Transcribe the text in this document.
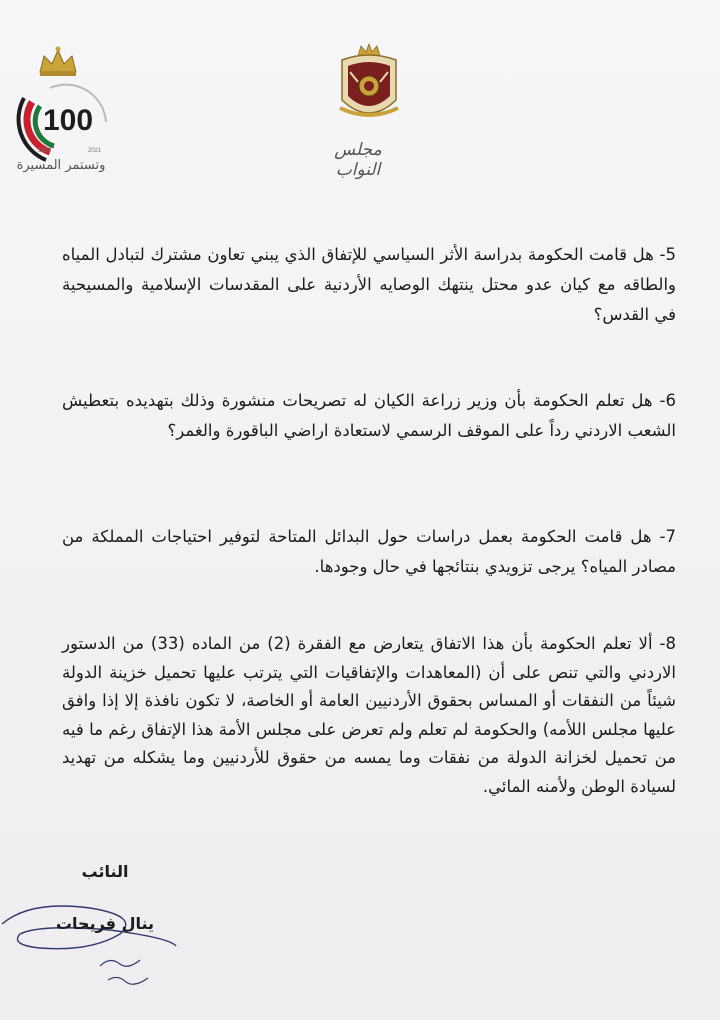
100
1921	2021
وتستمر المسيرة
مجلس النواب
5- هل قامت الحكومة بدراسة الأثر السياسي للإتفاق الذي يبني تعاون مشترك لتبادل المياه والطاقه مع كيان عدو محتل ينتهك الوصايه الأردنية على المقدسات الإسلامية والمسيحية في القدس؟
6- هل تعلم الحكومة بأن وزير زراعة الكيان له تصريحات منشورة وذلك بتهديده بتعطيش الشعب الاردني رداً على الموقف الرسمي لاستعادة اراضي الباقورة والغمر؟
7- هل قامت الحكومة بعمل دراسات حول البدائل المتاحة لتوفير احتياجات المملكة من مصادر المياه؟ يرجى تزويدي بنتائجها في حال وجودها.
8- ألا تعلم الحكومة بأن هذا الاتفاق يتعارض مع الفقرة (2) من الماده (33) من الدستور الاردني والتي تنص على أن (المعاهدات والإتفاقيات التي يترتب عليها تحميل خزينة الدولة شيئاً من النفقات أو المساس بحقوق الأردنيين العامة أو الخاصة، لا تكون نافذة إلا إذا وافق عليها مجلس اللأمه) والحكومة لم تعلم ولم تعرض على مجلس الأمة هذا الإتفاق رغم ما فيه من تحميل لخزانة الدولة من نفقات وما يمسه من حقوق للأردنيين وما يشكله من تهديد لسيادة الوطن ولأمنه المائي.
النائب
ينال فريحات
